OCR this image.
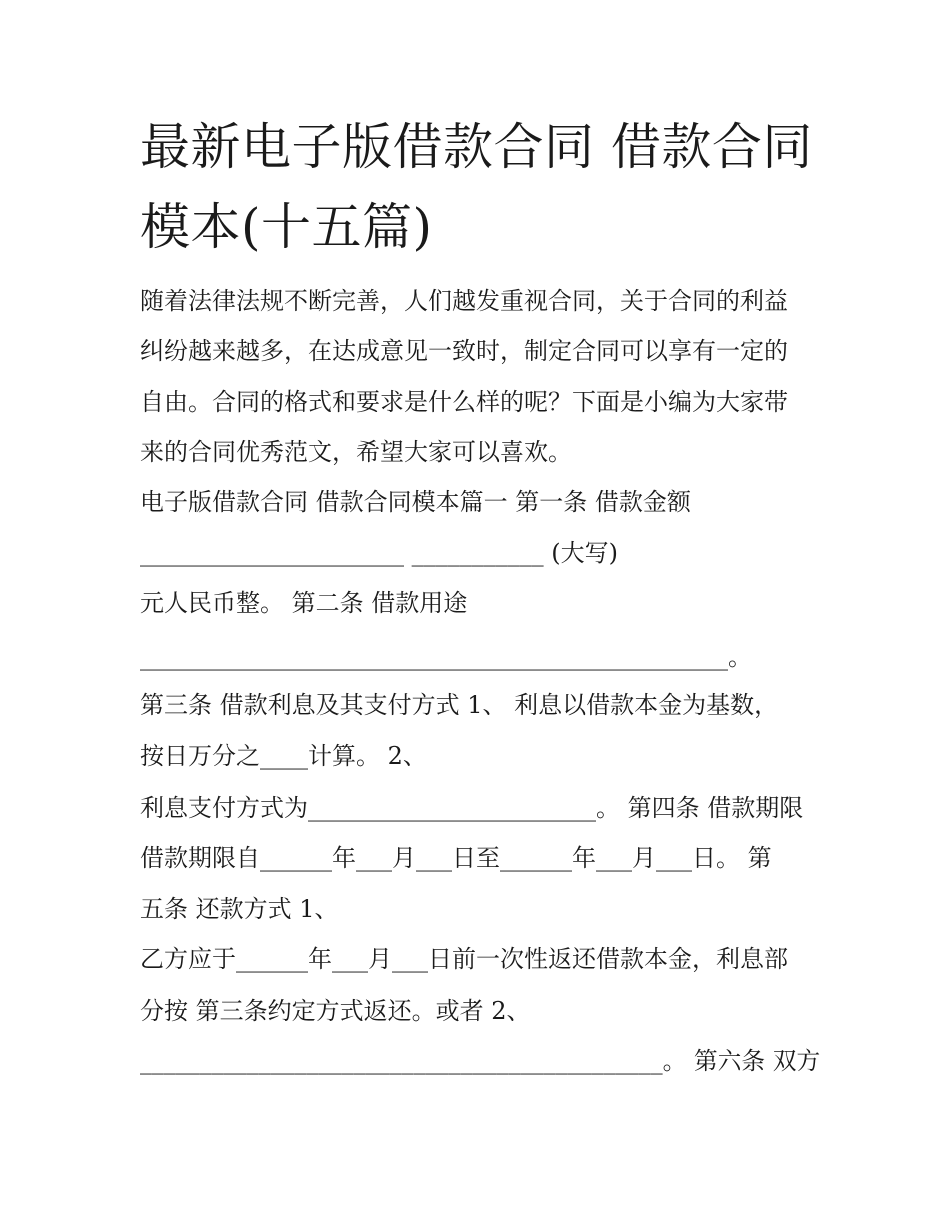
最新电子版借款合同 借款合同
模本(十五篇)

随着法律法规不断完善，人们越发重视合同，关于合同的利益

纠纷越来越多，在达成意见一致时，制定合同可以享有一定的

自由。合同的格式和要求是什么样的呢？下面是小编为大家带

来的合同优秀范文，希望大家可以喜欢。

电子版借款合同 借款合同模本篇一 第一条 借款金额

______________________ ___________ (大写)

元人民币整。 第二条 借款用途

_________________________________________________。

第三条 借款利息及其支付方式 1、 利息以借款本金为基数，

按日万分之____计算。 2、

利息支付方式为________________________。 第四条 借款期限

借款期限自______年___月___日至______年___月___日。 第

五条 还款方式 1、

乙方应于______年___月___日前一次性返还借款本金，利息部

分按 第三条约定方式返还。或者 2、

____________________________________________。 第六条 双方
